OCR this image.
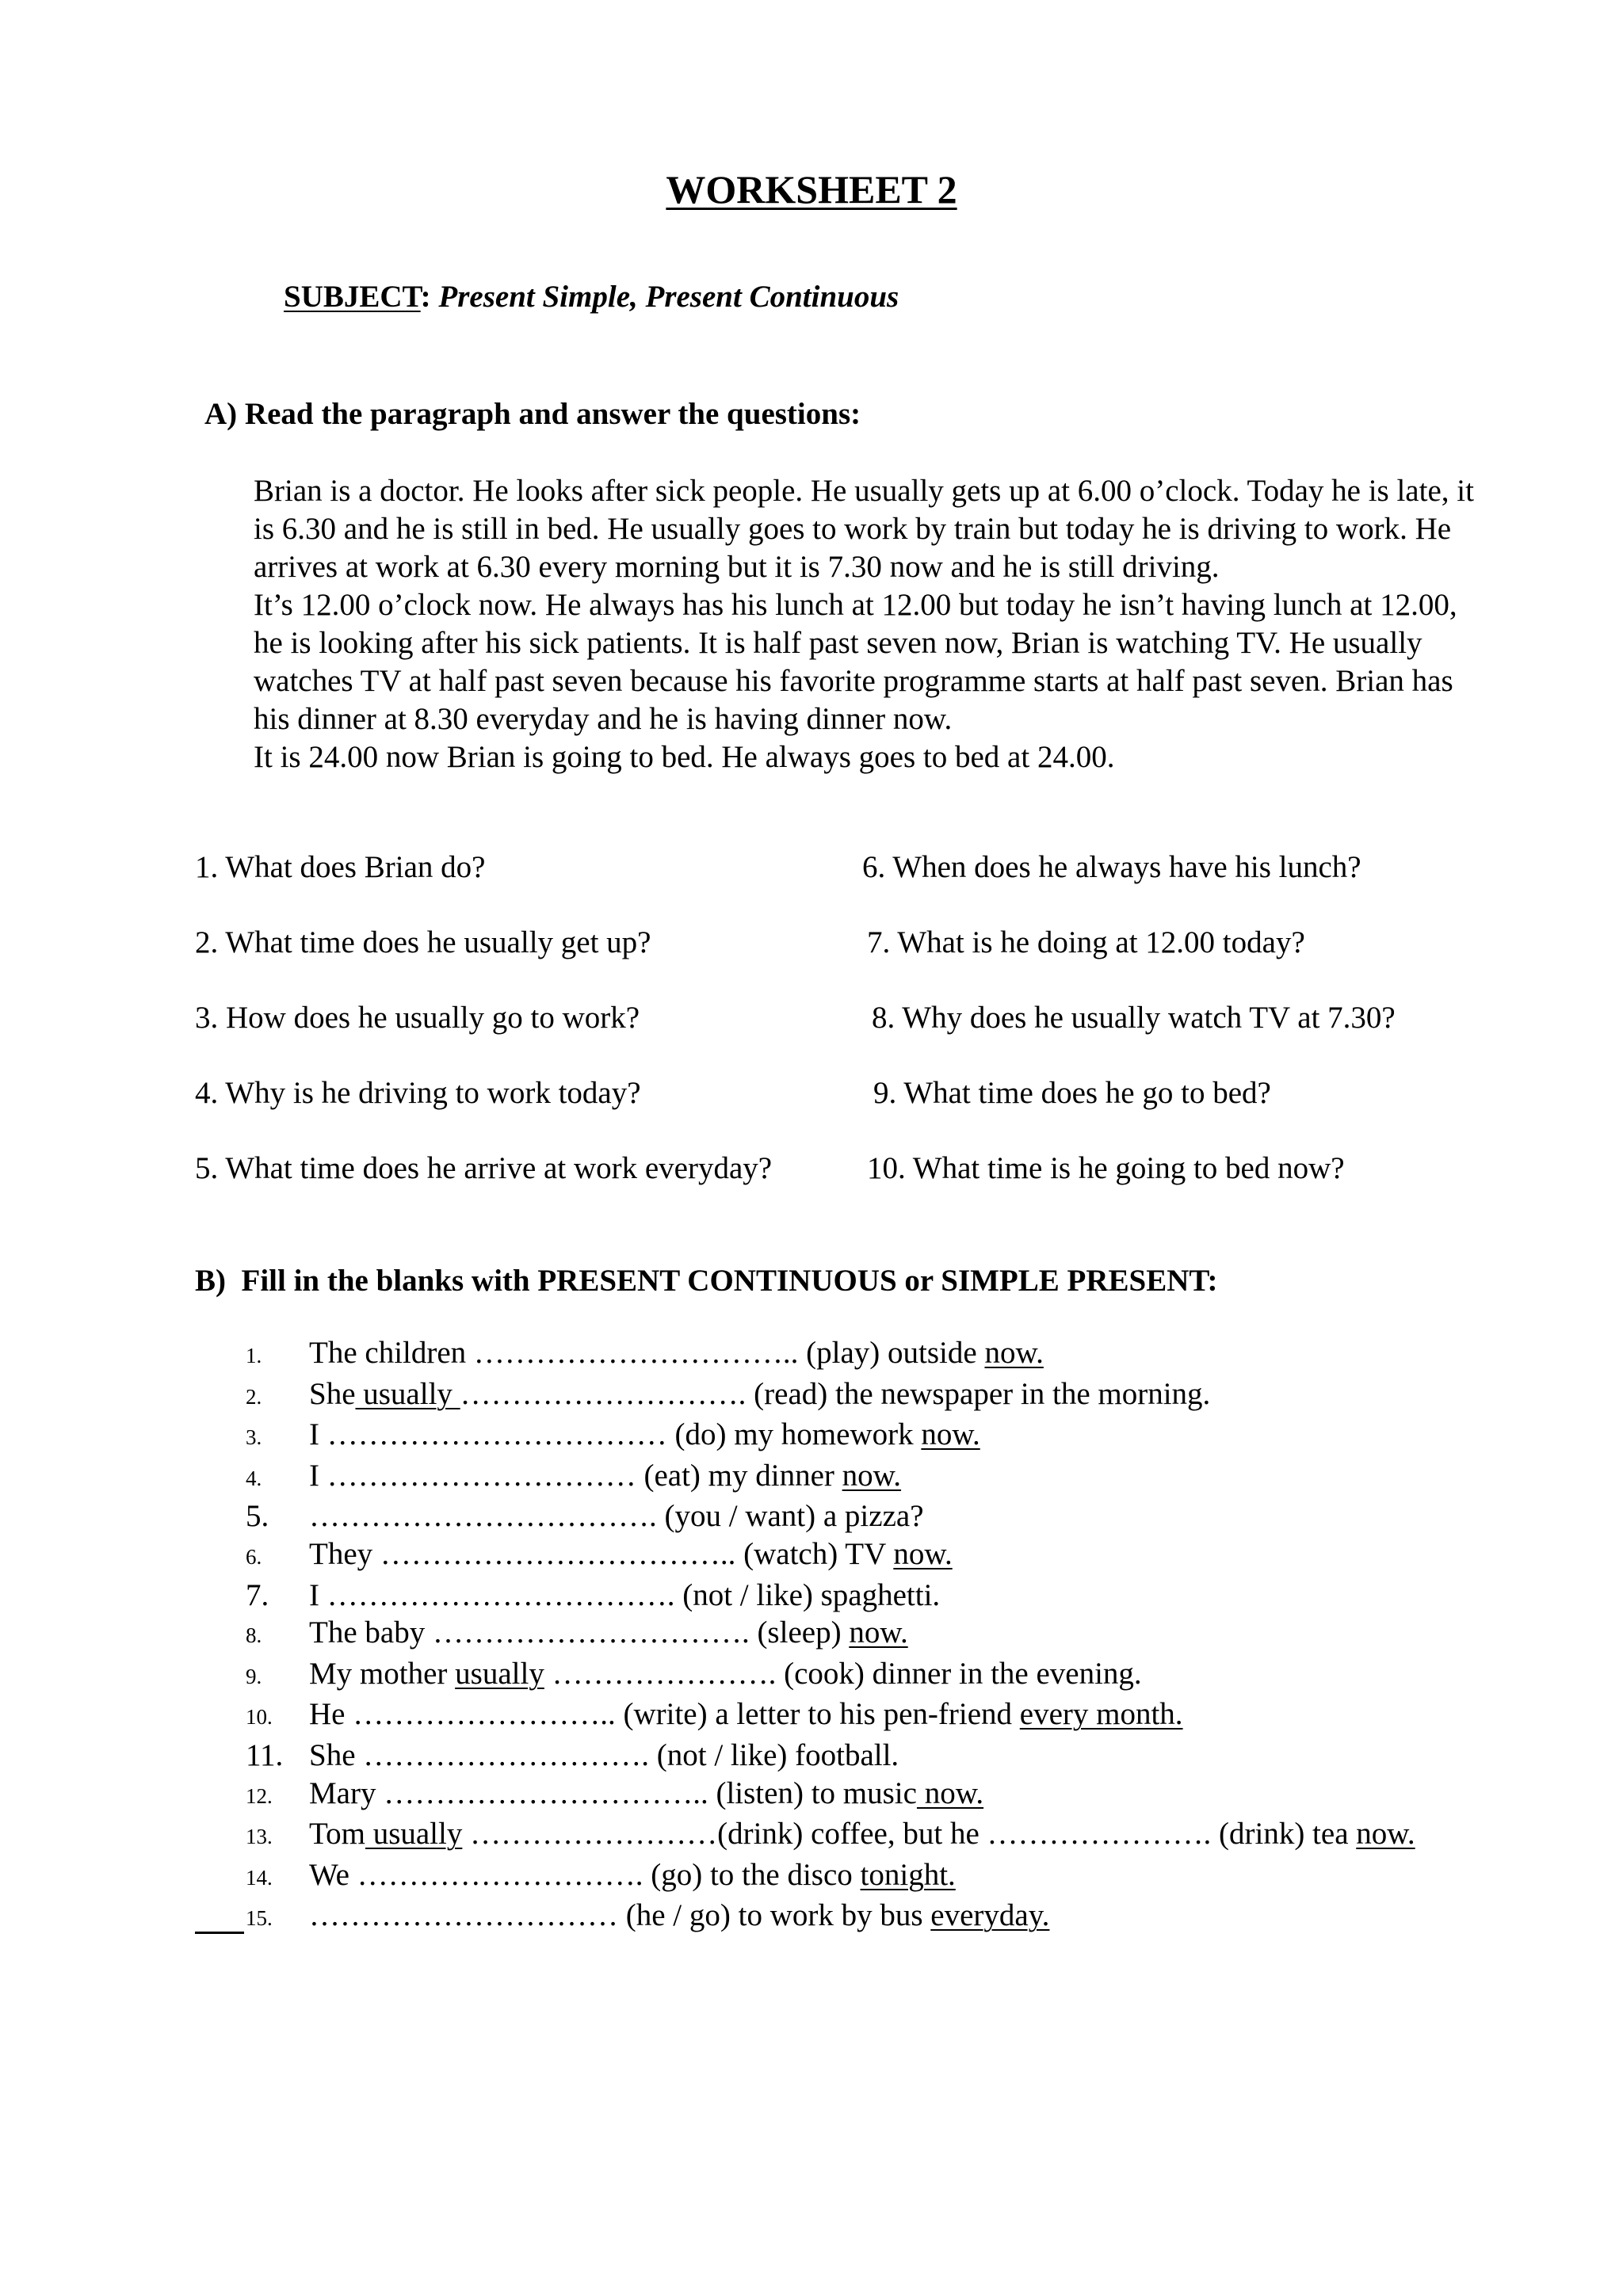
WORKSHEET 2
SUBJECT: Present Simple, Present Continuous
A) Read the paragraph and answer the questions:
Brian is a doctor. He looks after sick people. He usually gets up at 6.00 o’clock. Today he is late, it is 6.30 and he is still in bed. He usually goes to work by train but today he is driving to work. He arrives at work at 6.30 every morning but it is 7.30 now and he is still driving.
It’s 12.00 o’clock now. He always has his lunch at 12.00 but today he isn’t having lunch at 12.00, he is looking after his sick patients. It is half past seven now, Brian is watching TV. He usually watches TV at half past seven because his favorite programme starts at half past seven. Brian has his dinner at 8.30 everyday and he is having dinner now.
It is 24.00 now Brian is going to bed. He always goes to bed at 24.00.
1. What does Brian do?
2. What time does he usually get up?
3. How does he usually go to work?
4. Why is he driving to work today?
5. What time does he arrive at work everyday?
6. When does he always have his lunch?
7. What is he doing at 12.00 today?
8. Why does he usually watch TV at 7.30?
9. What time does he go to bed?
10. What time is he going to bed now?
B)  Fill in the blanks with PRESENT CONTINUOUS or SIMPLE PRESENT:
1. The children ………………………….. (play) outside now.
2. She usually ………………………. (read) the newspaper in the morning.
3. I …………………………… (do) my homework now.
4. I ………………………… (eat) my dinner now.
5. ……………………………. (you / want) a pizza?
6. They …………………………….. (watch) TV now.
7. I ……………………………. (not / like) spaghetti.
8. The baby …………………………. (sleep) now.
9. My mother usually …………………. (cook) dinner in the evening.
10. He …………………….. (write) a letter to his pen-friend every month.
11. She ………………………. (not / like) football.
12. Mary ………………………….. (listen) to music now.
13. Tom usually ……………………(drink) coffee, but he …………………. (drink) tea now.
14. We ………………………. (go) to the disco tonight.
15. ………………………… (he / go) to work by bus everyday.
